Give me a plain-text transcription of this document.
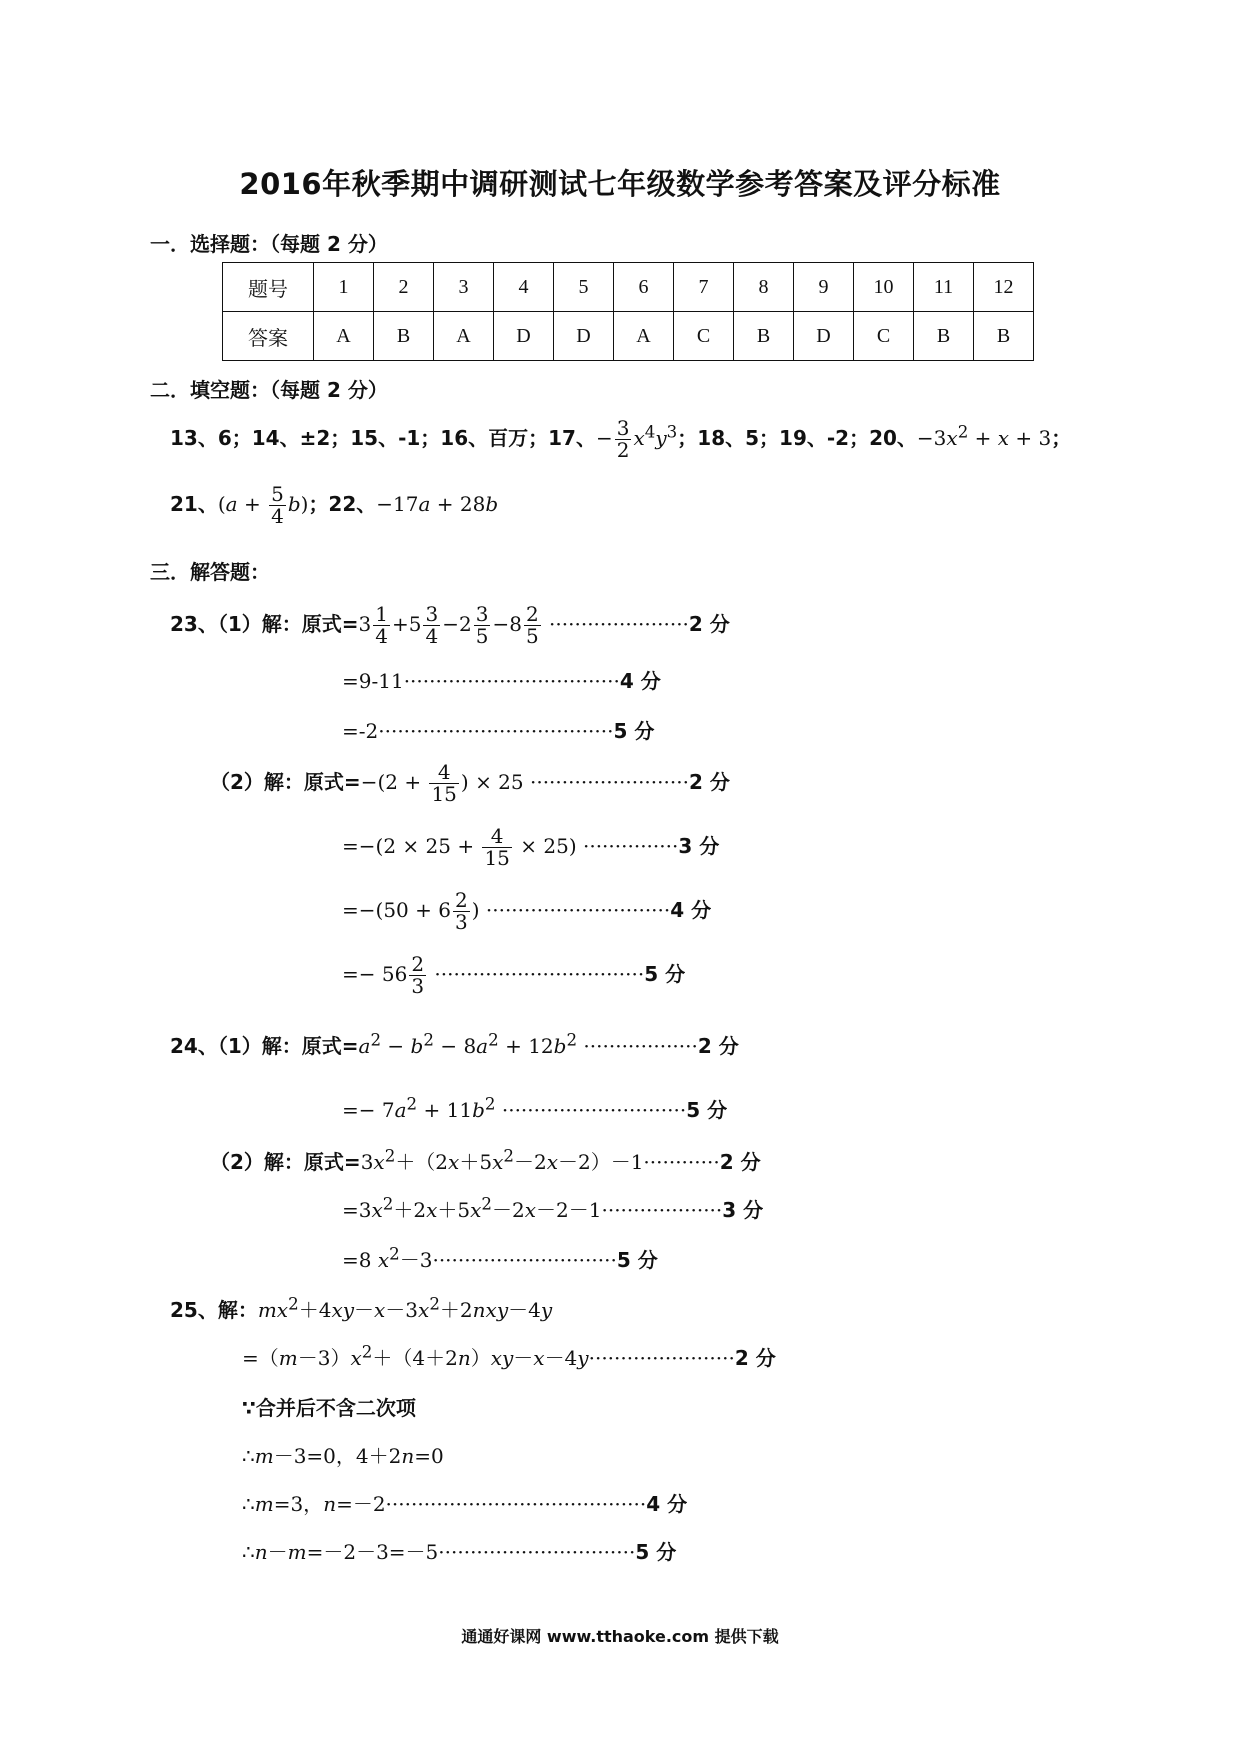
2016年秋季期中调研测试七年级数学参考答案及评分标准
一．选择题：（每题 2 分）
题号	1	2	3	4	5	6	7	8	9	10	11	12
答案	A	B	A	D	D	A	C	B	D	C	B	B
二．填空题：（每题 2 分）
13、6；14、±2；15、-1；16、百万；17、− $\frac{3}{2} x^4y^3$；18、5；19、-2；20、$-3x^2 + x + 3$；
21、$(a + \frac{5}{4} b)$；22、−17a + 28b
三．解答题：
23、（1）解：原式$=3 \frac{1}{4} +5 \frac{3}{4} -2 \frac{3}{5} -8 \frac{2}{5} \cdot\cdot\cdot\cdot\cdot\cdot\cdot\cdot\cdot\cdot\cdot\cdot\cdot\cdot\cdot\cdot\cdot\cdot\cdot\cdot\cdot\cdot 2$ 分
=9-11··································4 分
=-2·····································5 分
（2）解：原式$=-(2 + \frac{4}{15}$ ) × 25 ·························2 分
$=-(2 \times 25 + \frac{4}{15} \times 25) \cdot\cdot\cdot\cdot\cdot\cdot\cdot\cdot\cdot\cdot\cdot\cdot\cdot\cdot\cdot 3$ 分
$=-(50 + 6 \frac{2}{3}$ ) ·····························4 分
=− $56 \frac{2}{3} \cdot\cdot\cdot\cdot\cdot\cdot\cdot\cdot\cdot\cdot\cdot\cdot\cdot\cdot\cdot\cdot\cdot\cdot\cdot\cdot\cdot\cdot\cdot\cdot\cdot\cdot\cdot\cdot\cdot\cdot\cdot\cdot\cdot 5$ 分
24、（1）解：原式$=a^2 - b^2 - 8a^2 + 12b^2 \cdot\cdot\cdot\cdot\cdot\cdot\cdot\cdot\cdot\cdot\cdot\cdot\cdot\cdot\cdot\cdot\cdot\cdot 2$ 分
=− $7a^2 + 11b^2 \cdot\cdot\cdot\cdot\cdot\cdot\cdot\cdot\cdot\cdot\cdot\cdot\cdot\cdot\cdot\cdot\cdot\cdot\cdot\cdot\cdot\cdot\cdot\cdot\cdot\cdot\cdot\cdot\cdot 5$ 分
（2）解：原式$=3x^2+(2x+5x^2-2x-2)-1\cdot\cdot\cdot\cdot\cdot\cdot\cdot\cdot\cdot\cdot\cdot\cdot 2$ 分
$=3x^2+2x+5x^2-2x-2-1\cdot\cdot\cdot\cdot\cdot\cdot\cdot\cdot\cdot\cdot\cdot\cdot\cdot\cdot\cdot\cdot\cdot\cdot\cdot 3$ 分
=8 $x^2-3\cdot\cdot\cdot\cdot\cdot\cdot\cdot\cdot\cdot\cdot\cdot\cdot\cdot\cdot\cdot\cdot\cdot\cdot\cdot\cdot\cdot\cdot\cdot\cdot\cdot\cdot\cdot\cdot\cdot 5$ 分
25、解：$mx^2+4xy-x-3x^2+2nxy-4y$
$=(m-3)x^2+(4+2n)xy-x-4y\cdot\cdot\cdot\cdot\cdot\cdot\cdot\cdot\cdot\cdot\cdot\cdot\cdot\cdot\cdot\cdot\cdot\cdot\cdot\cdot\cdot\cdot\cdot 2$ 分
∵合并后不含二次项
∴m－3=0，4＋2n=0
∴m=3，n=－2·········································4 分
∴n－m=－2－3=－5·······························5 分
通通好课网 www.tthaoke.com 提供下载
